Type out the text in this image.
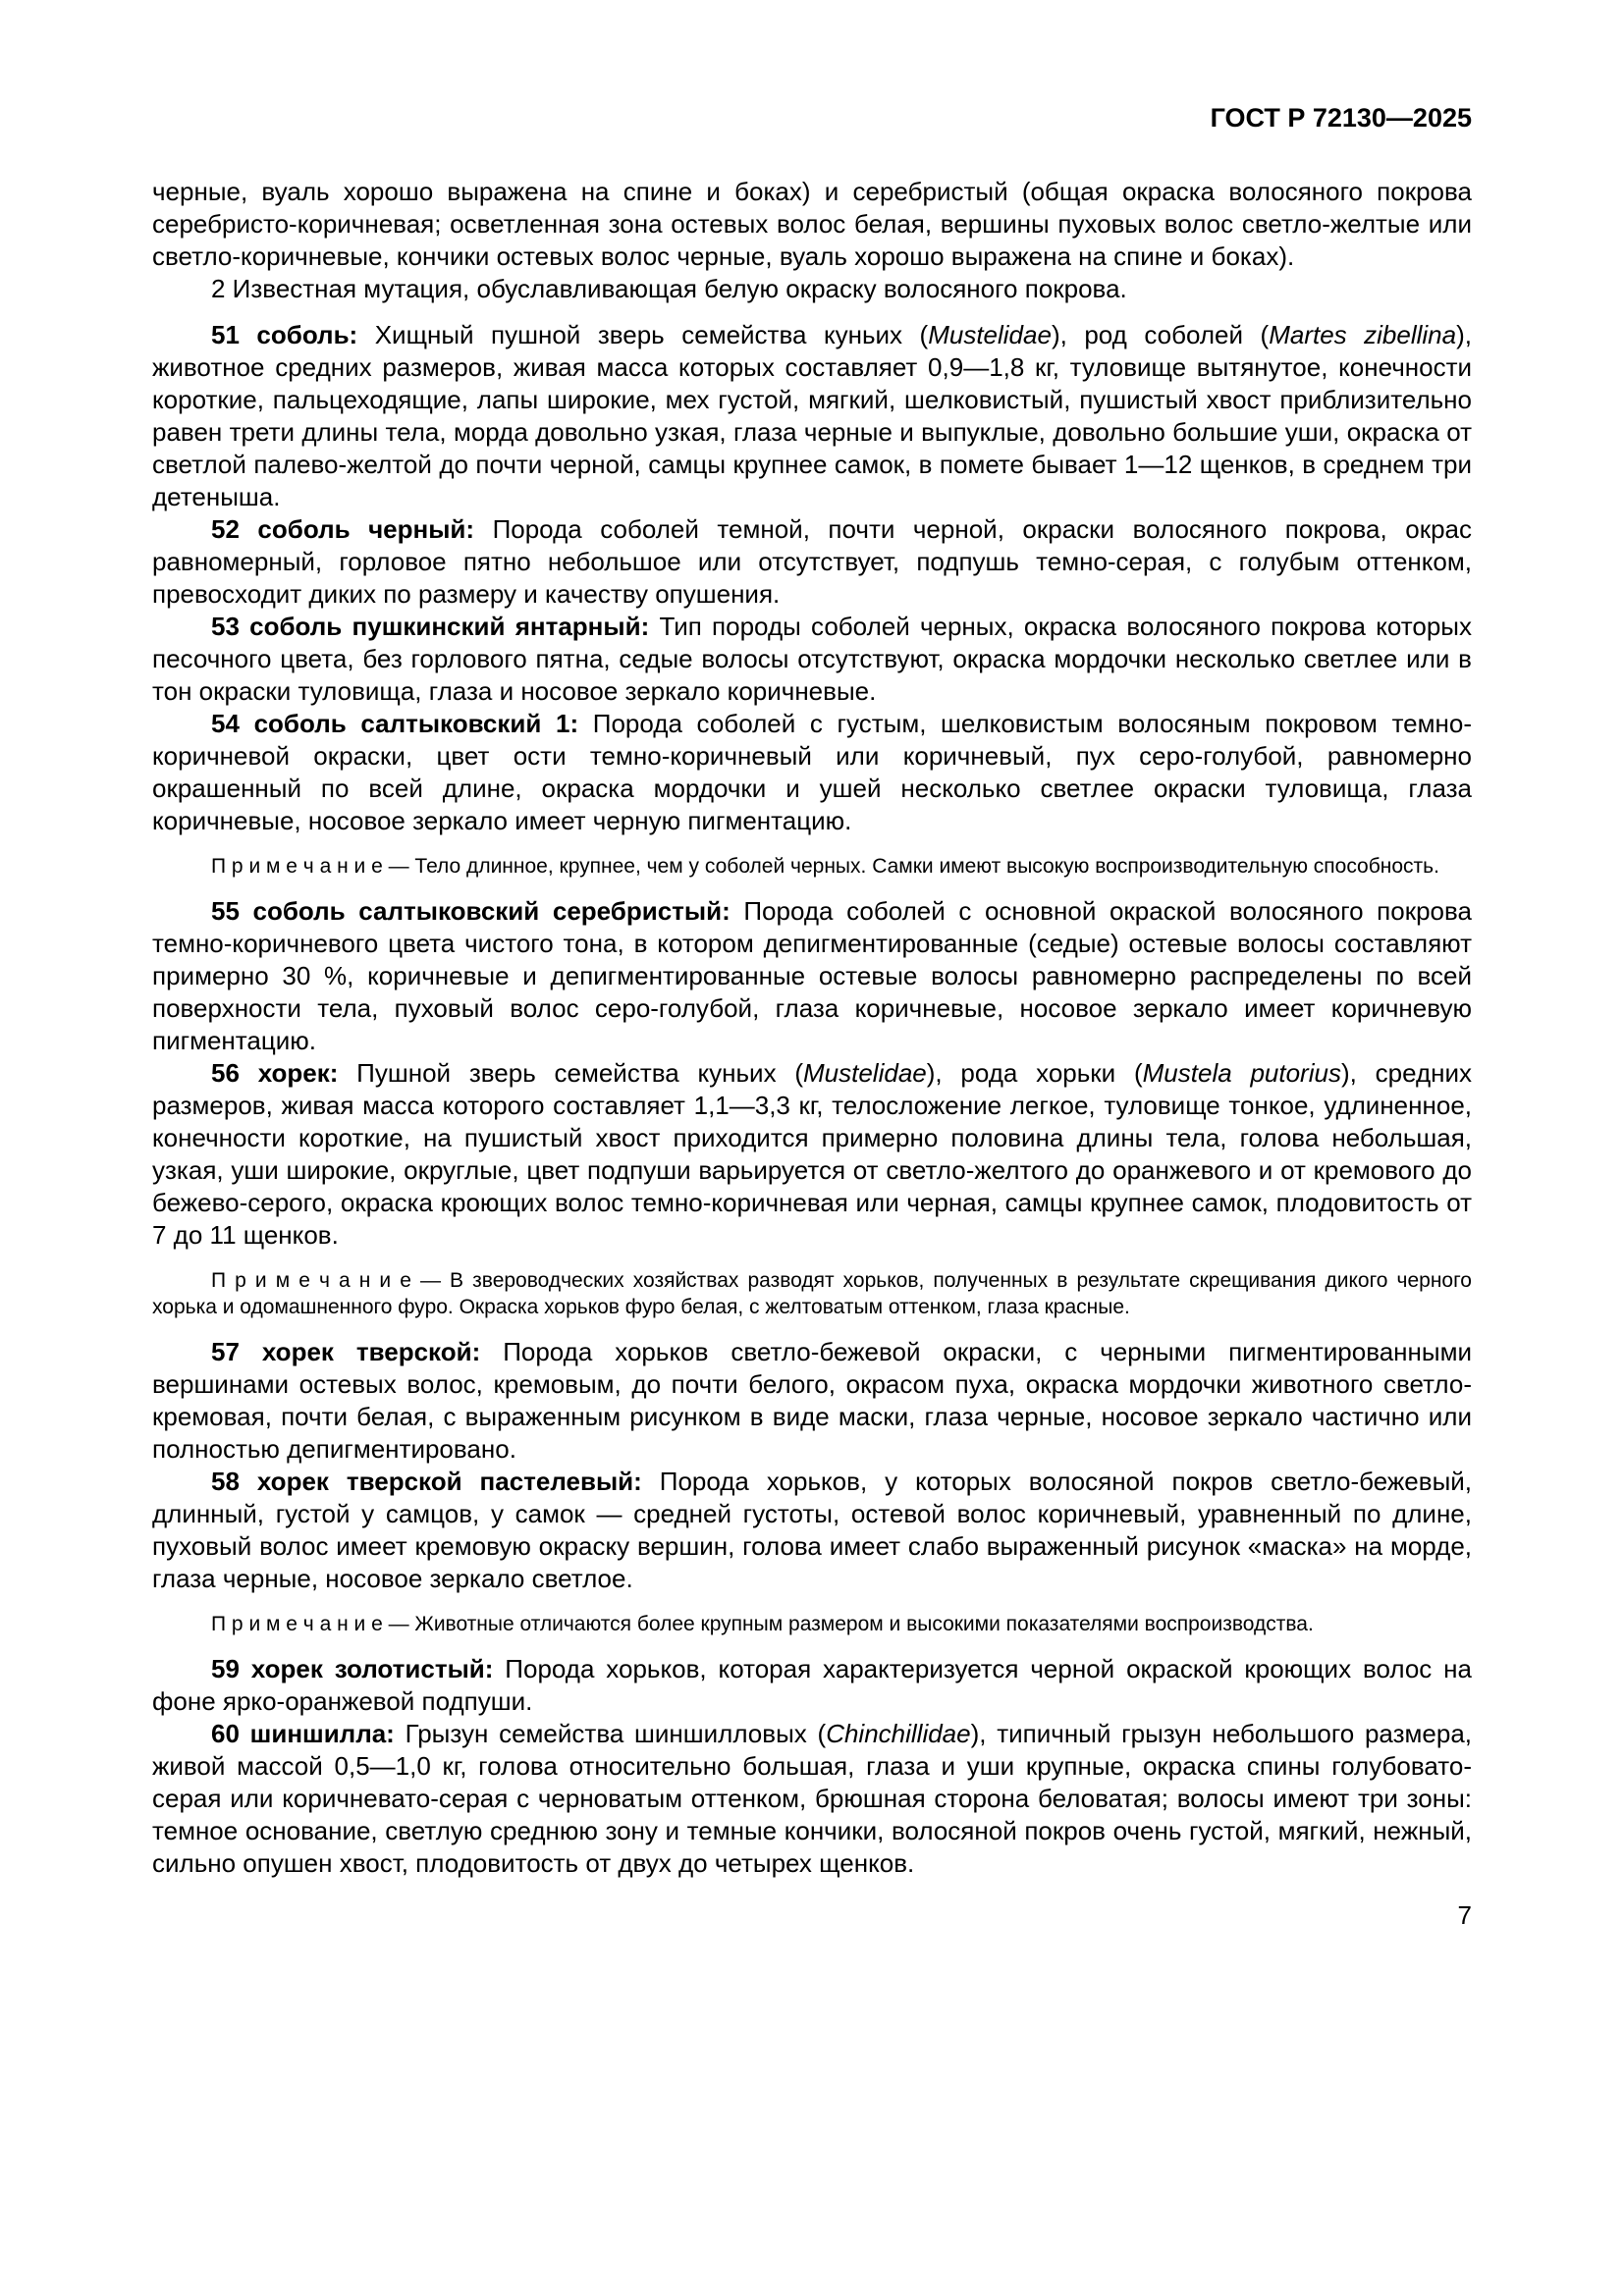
ГОСТ Р 72130—2025

черные, вуаль хорошо выражена на спине и боках) и серебристый (общая окраска волосяного покрова серебристо-коричневая; осветленная зона остевых волос белая, вершины пуховых волос светло-желтые или светло-коричневые, кончики остевых волос черные, вуаль хорошо выражена на спине и боках).

2 Известная мутация, обуславливающая белую окраску волосяного покрова.

51 соболь: Хищный пушной зверь семейства куньих (Mustelidae), род соболей (Martes zibellina), животное средних размеров, живая масса которых составляет 0,9—1,8 кг, туловище вытянутое, конечности короткие, пальцеходящие, лапы широкие, мех густой, мягкий, шелковистый, пушистый хвост приблизительно равен трети длины тела, морда довольно узкая, глаза черные и выпуклые, довольно большие уши, окраска от светлой палево-желтой до почти черной, самцы крупнее самок, в помете бывает 1—12 щенков, в среднем три детеныша.

52 соболь черный: Порода соболей темной, почти черной, окраски волосяного покрова, окрас равномерный, горловое пятно небольшое или отсутствует, подпушь темно-серая, с голубым оттенком, превосходит диких по размеру и качеству опушения.

53 соболь пушкинский янтарный: Тип породы соболей черных, окраска волосяного покрова которых песочного цвета, без горлового пятна, седые волосы отсутствуют, окраска мордочки несколько светлее или в тон окраски туловища, глаза и носовое зеркало коричневые.

54 соболь салтыковский 1: Порода соболей с густым, шелковистым волосяным покровом темно-коричневой окраски, цвет ости темно-коричневый или коричневый, пух серо-голубой, равномерно окрашенный по всей длине, окраска мордочки и ушей несколько светлее окраски туловища, глаза коричневые, носовое зеркало имеет черную пигментацию.

П р и м е ч а н и е — Тело длинное, крупнее, чем у соболей черных. Самки имеют высокую воспроизводительную способность.

55 соболь салтыковский серебристый: Порода соболей с основной окраской волосяного покрова темно-коричневого цвета чистого тона, в котором депигментированные (седые) остевые волосы составляют примерно 30 %, коричневые и депигментированные остевые волосы равномерно распределены по всей поверхности тела, пуховый волос серо-голубой, глаза коричневые, носовое зеркало имеет коричневую пигментацию.

56 хорек: Пушной зверь семейства куньих (Mustelidae), рода хорьки (Mustela putorius), средних размеров, живая масса которого составляет 1,1—3,3 кг, телосложение легкое, туловище тонкое, удлиненное, конечности короткие, на пушистый хвост приходится примерно половина длины тела, голова небольшая, узкая, уши широкие, округлые, цвет подпуши варьируется от светло-желтого до оранжевого и от кремового до бежево-серого, окраска кроющих волос темно-коричневая или черная, самцы крупнее самок, плодовитость от 7 до 11 щенков.

П р и м е ч а н и е — В звероводческих хозяйствах разводят хорьков, полученных в результате скрещивания дикого черного хорька и одомашненного фуро. Окраска хорьков фуро белая, с желтоватым оттенком, глаза красные.

57 хорек тверской: Порода хорьков светло-бежевой окраски, с черными пигментированными вершинами остевых волос, кремовым, до почти белого, окрасом пуха, окраска мордочки животного светло-кремовая, почти белая, с выраженным рисунком в виде маски, глаза черные, носовое зеркало частично или полностью депигментировано.

58 хорек тверской пастелевый: Порода хорьков, у которых волосяной покров светло-бежевый, длинный, густой у самцов, у самок — средней густоты, остевой волос коричневый, уравненный по длине, пуховый волос имеет кремовую окраску вершин, голова имеет слабо выраженный рисунок «маска» на морде, глаза черные, носовое зеркало светлое.

П р и м е ч а н и е — Животные отличаются более крупным размером и высокими показателями воспроизводства.

59 хорек золотистый: Порода хорьков, которая характеризуется черной окраской кроющих волос на фоне ярко-оранжевой подпуши.

60 шиншилла: Грызун семейства шиншилловых (Chinchillidae), типичный грызун небольшого размера, живой массой 0,5—1,0 кг, голова относительно большая, глаза и уши крупные, окраска спины голубовато-серая или коричневато-серая с черноватым оттенком, брюшная сторона беловатая; волосы имеют три зоны: темное основание, светлую среднюю зону и темные кончики, волосяной покров очень густой, мягкий, нежный, сильно опушен хвост, плодовитость от двух до четырех щенков.

7
